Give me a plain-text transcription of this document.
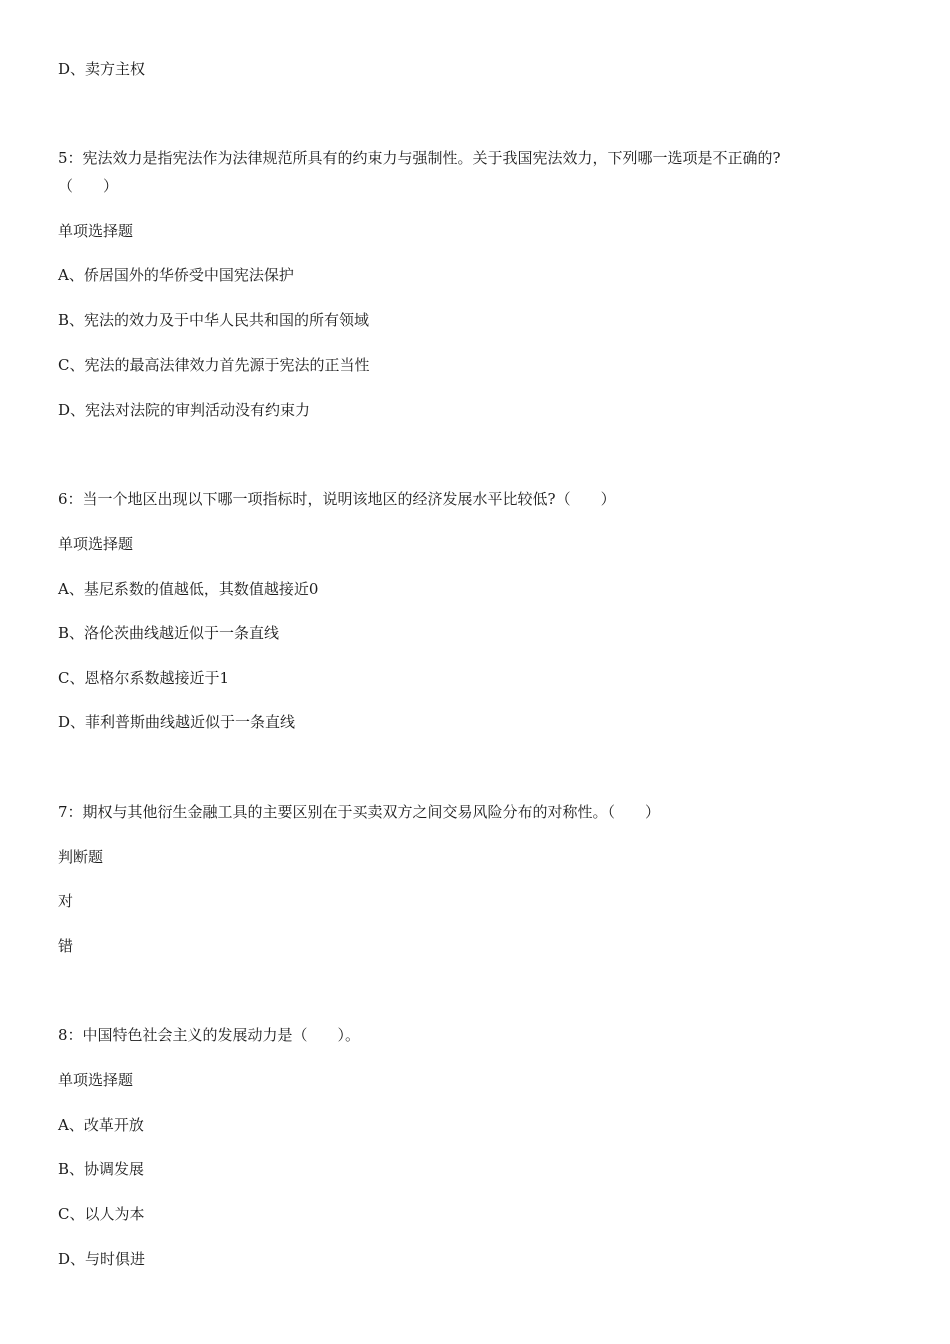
D、卖方主权
5：宪法效力是指宪法作为法律规范所具有的约束力与强制性。关于我国宪法效力，下列哪一选项是不正确的?
（　　）
单项选择题
A、侨居国外的华侨受中国宪法保护
B、宪法的效力及于中华人民共和国的所有领域
C、宪法的最高法律效力首先源于宪法的正当性
D、宪法对法院的审判活动没有约束力
6：当一个地区出现以下哪一项指标时，说明该地区的经济发展水平比较低?（　　）
单项选择题
A、基尼系数的值越低，其数值越接近0
B、洛伦茨曲线越近似于一条直线
C、恩格尔系数越接近于1
D、菲利普斯曲线越近似于一条直线
7：期权与其他衍生金融工具的主要区别在于买卖双方之间交易风险分布的对称性。（　　）
判断题
对
错
8：中国特色社会主义的发展动力是（　　）。
单项选择题
A、改革开放
B、协调发展
C、以人为本
D、与时俱进
